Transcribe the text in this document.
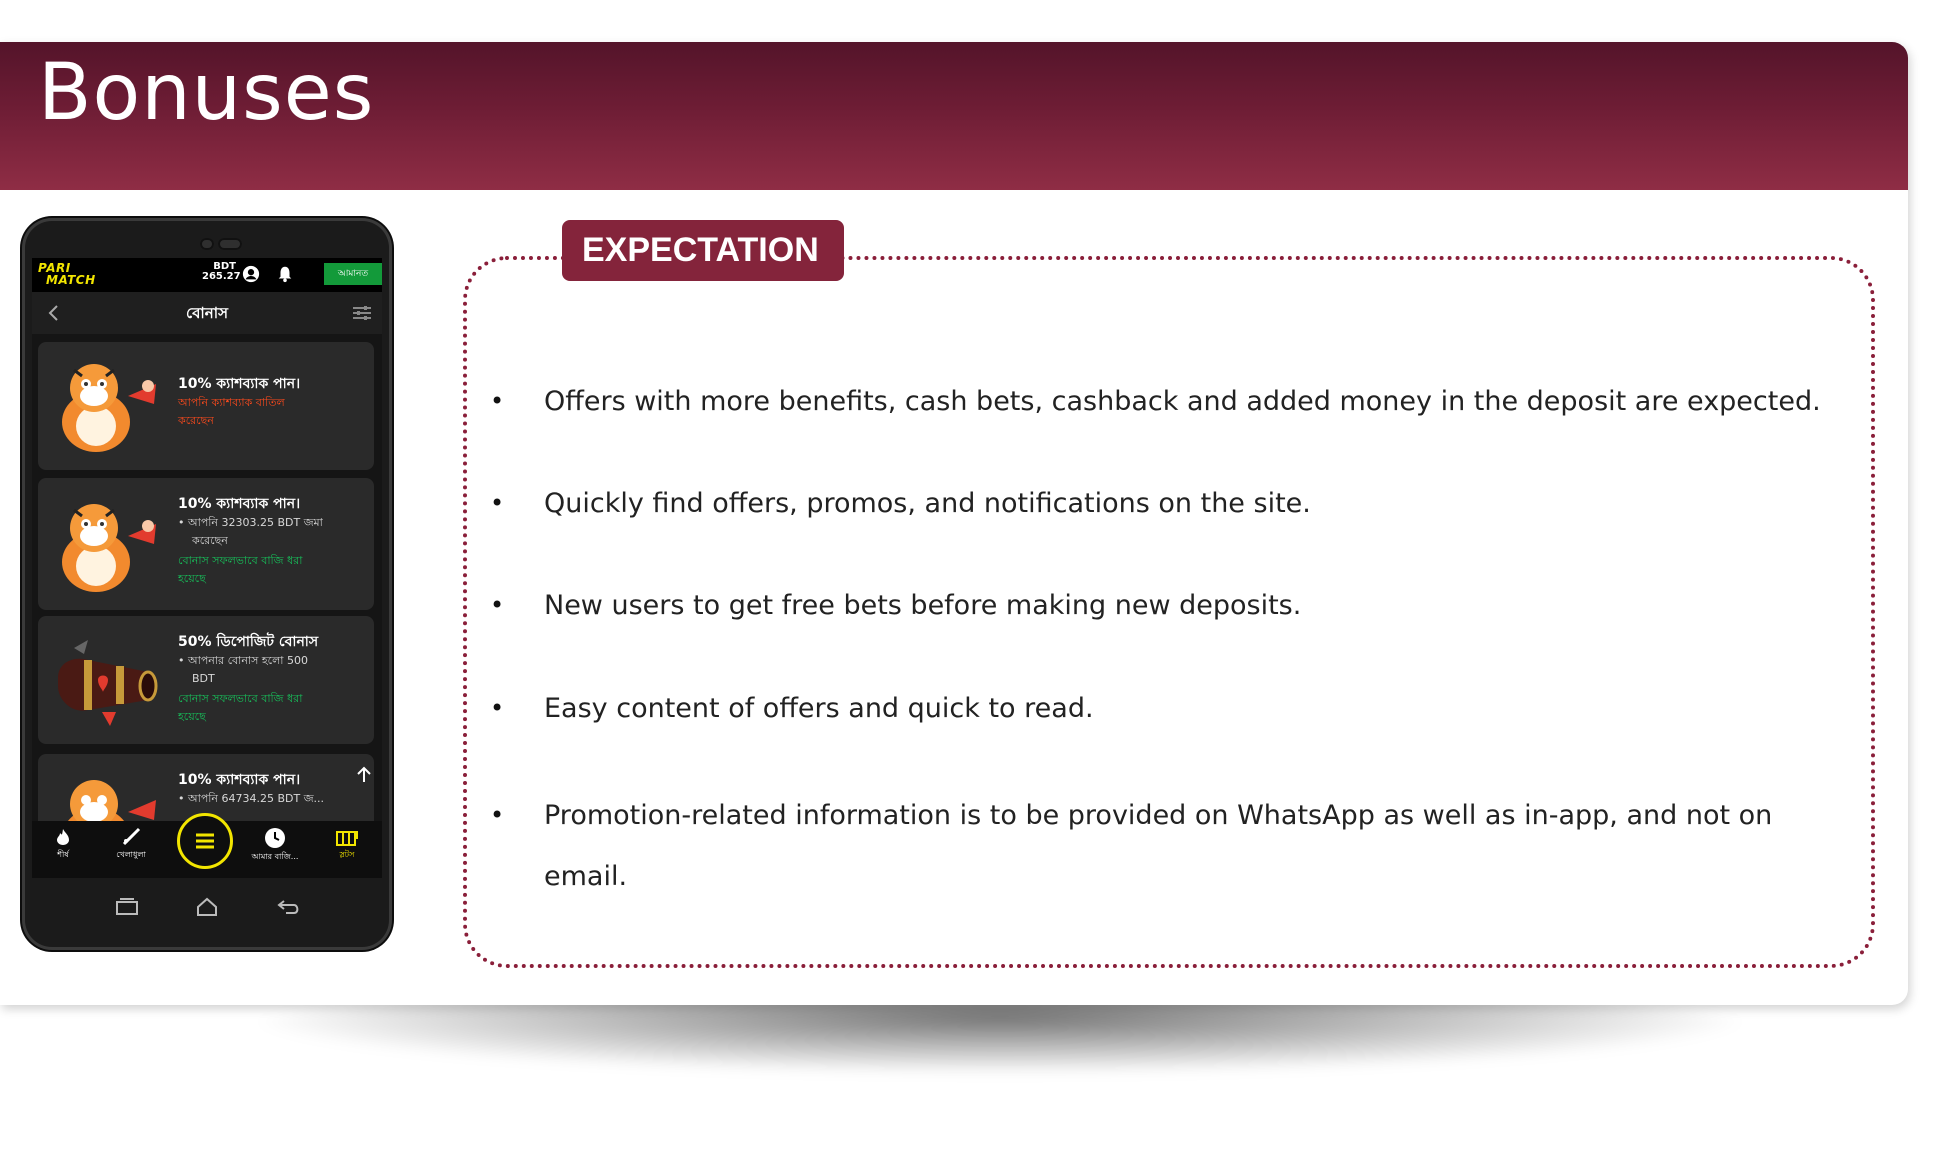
Bonuses
PARI
MATCH
BDT
265.27	আমানত
বোনাস
10% ক্যাশব্যাক পান।
আপনি ক্যাশব্যাক বাতিল
করেছেন
10% ক্যাশব্যাক পান।
• আপনি 32303.25 BDT জমা
করেছেন
বোনাস সফলভাবে বাজি ধরা
হয়েছে
50% ডিপোজিট বোনাস
• আপনার বোনাস হলো 500
BDT
বোনাস সফলভাবে বাজি ধরা
হয়েছে
10% ক্যাশব্যাক পান।
• আপনি 64734.25 BDT জ...
শীর্ষ	খেলাধুলা	আমার বাজি...	স্লটস
EXPECTATION
• Offers with more benefits, cash bets, cashback and added money in the deposit are expected.
• Quickly find offers, promos, and notifications on the site.
• New users to get free bets before making new deposits.
• Easy content of offers and quick to read.
• Promotion-related information is to be provided on WhatsApp as well as in-app, and not on email.
